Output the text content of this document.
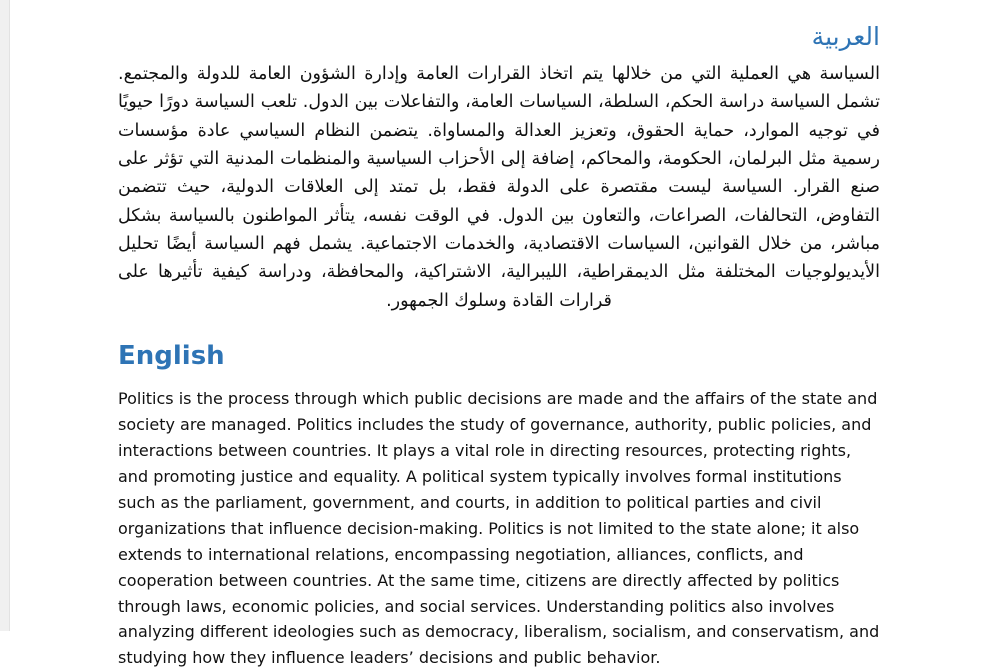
العربية

السياسة هي العملية التي من خلالها يتم اتخاذ القرارات العامة وإدارة الشؤون العامة للدولة والمجتمع. تشمل السياسة دراسة الحكم، السلطة، السياسات العامة، والتفاعلات بين الدول. تلعب السياسة دورًا حيويًا في توجيه الموارد، حماية الحقوق، وتعزيز العدالة والمساواة. يتضمن النظام السياسي عادة مؤسسات رسمية مثل البرلمان، الحكومة، والمحاكم، إضافة إلى الأحزاب السياسية والمنظمات المدنية التي تؤثر على صنع القرار. السياسة ليست مقتصرة على الدولة فقط، بل تمتد إلى العلاقات الدولية، حيث تتضمن التفاوض، التحالفات، الصراعات، والتعاون بين الدول. في الوقت نفسه، يتأثر المواطنون بالسياسة بشكل مباشر، من خلال القوانين، السياسات الاقتصادية، والخدمات الاجتماعية. يشمل فهم السياسة أيضًا تحليل الأيديولوجيات المختلفة مثل الديمقراطية، الليبرالية، الاشتراكية، والمحافظة، ودراسة كيفية تأثيرها على قرارات القادة وسلوك الجمهور.

English

Politics is the process through which public decisions are made and the affairs of the state and society are managed. Politics includes the study of governance, authority, public policies, and interactions between countries. It plays a vital role in directing resources, protecting rights, and promoting justice and equality. A political system typically involves formal institutions such as the parliament, government, and courts, in addition to political parties and civil organizations that influence decision-making. Politics is not limited to the state alone; it also extends to international relations, encompassing negotiation, alliances, conflicts, and cooperation between countries. At the same time, citizens are directly affected by politics through laws, economic policies, and social services. Understanding politics also involves analyzing different ideologies such as democracy, liberalism, socialism, and conservatism, and studying how they influence leaders’ decisions and public behavior.
